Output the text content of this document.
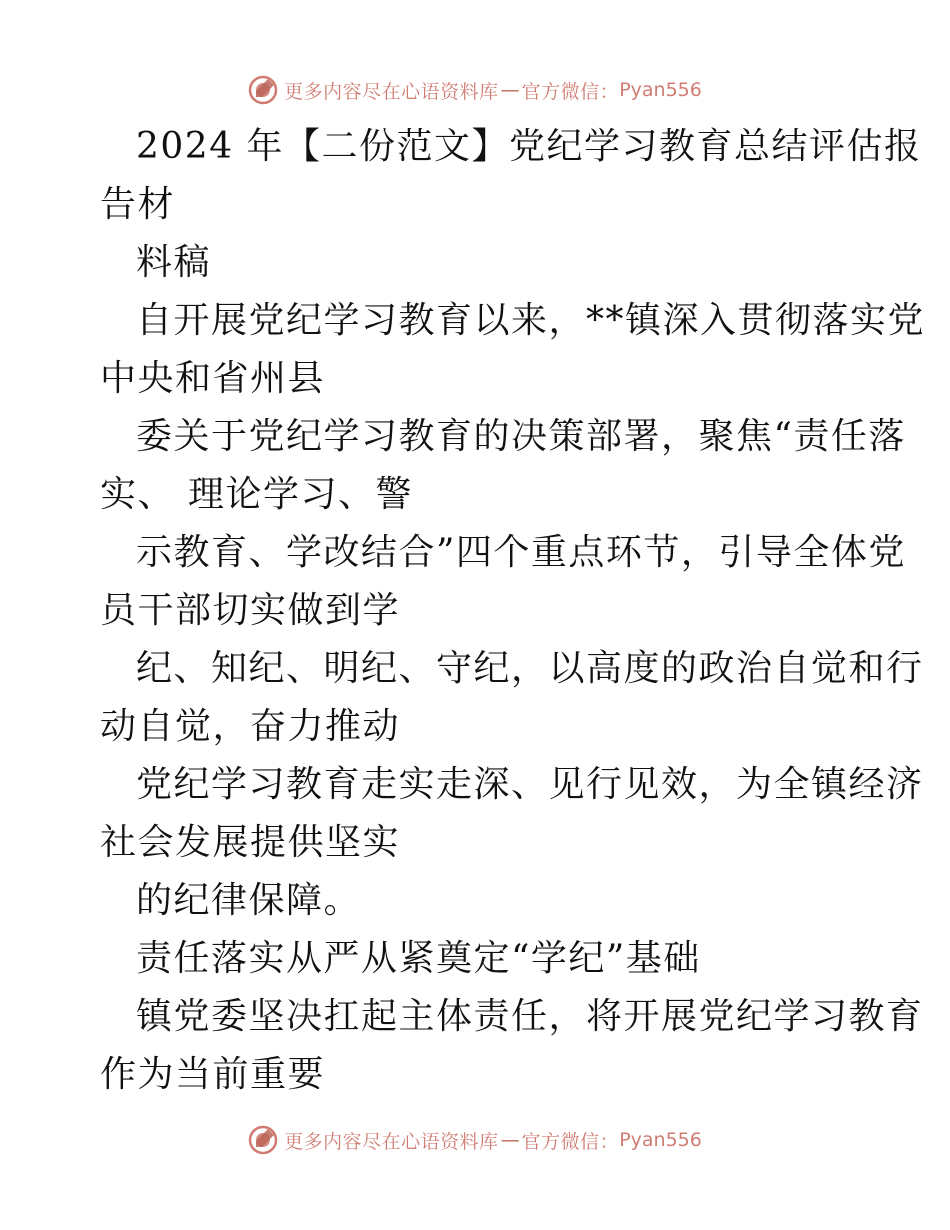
更多内容尽在心语资料库 — 官方微信： Pyan556
2024 年【二份范文】党纪学习教育总结评估报
告材
料稿
自开展党纪学习教育以来，**镇深入贯彻落实党
中央和省州县
委关于党纪学习教育的决策部署，聚焦“责任落
实、 理论学习、警
示教育、学改结合”四个重点环节，引导全体党
员干部切实做到学
纪、知纪、明纪、守纪，以高度的政治自觉和行
动自觉，奋力推动
党纪学习教育走实走深、见行见效，为全镇经济
社会发展提供坚实
的纪律保障。
责任落实从严从紧奠定“学纪”基础
镇党委坚决扛起主体责任，将开展党纪学习教育
作为当前重要
更多内容尽在心语资料库 — 官方微信： Pyan556
